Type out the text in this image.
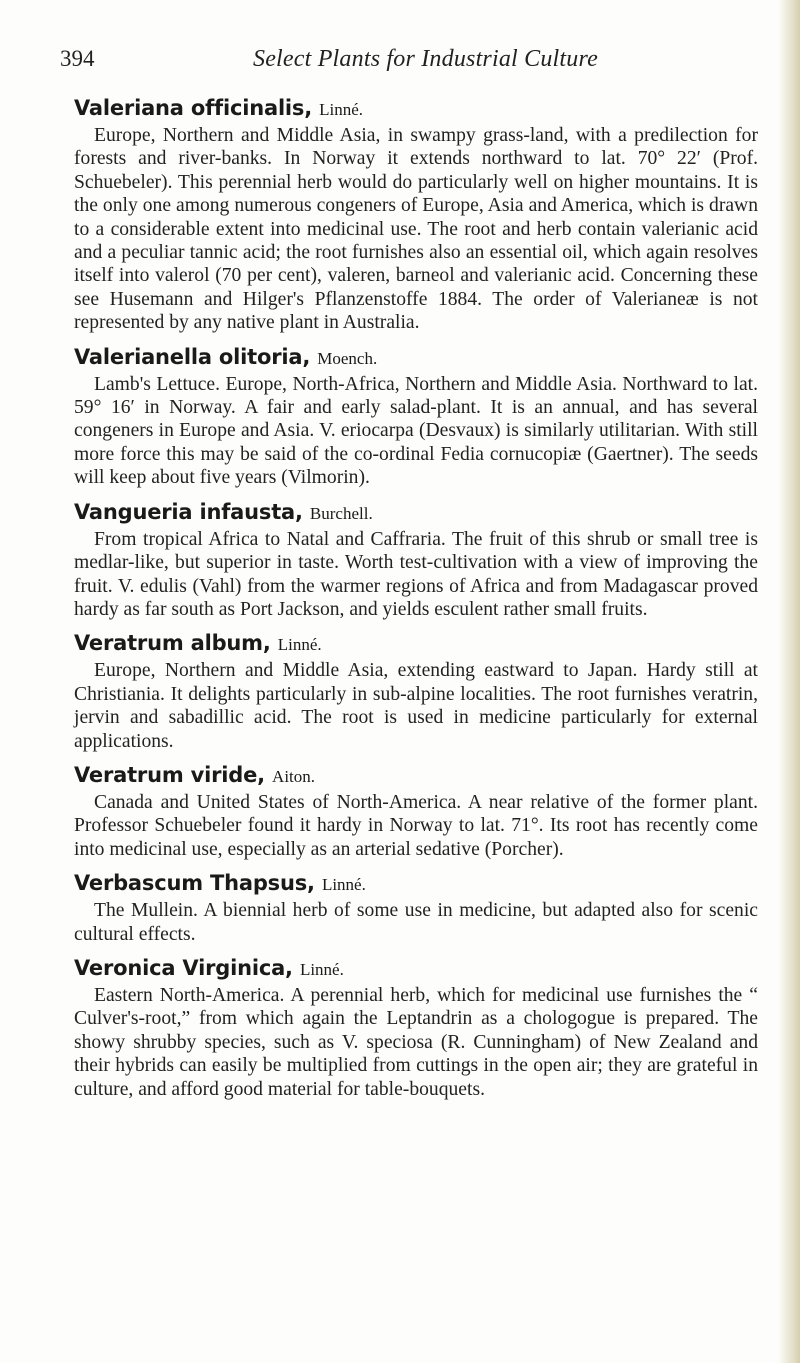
394	Select Plants for Industrial Culture
Valeriana officinalis, Linné.

Europe, Northern and Middle Asia, in swampy grass-land, with a predilection for forests and river-banks. In Norway it extends northward to lat. 70° 22′ (Prof. Schuebeler). This perennial herb would do particularly well on higher mountains. It is the only one among numerous congeners of Europe, Asia and America, which is drawn to a considerable extent into medicinal use. The root and herb contain valerianic acid and a peculiar tannic acid; the root furnishes also an essential oil, which again resolves itself into valerol (70 per cent), valeren, barneol and valerianic acid. Concerning these see Husemann and Hilger's Pflanzenstoffe 1884. The order of Valerianeæ is not represented by any native plant in Australia.

Valerianella olitoria, Moench.

Lamb's Lettuce. Europe, North-Africa, Northern and Middle Asia. Northward to lat. 59° 16′ in Norway. A fair and early salad-plant. It is an annual, and has several congeners in Europe and Asia. V. eriocarpa (Desvaux) is similarly utilitarian. With still more force this may be said of the co-ordinal Fedia cornucopiæ (Gaertner). The seeds will keep about five years (Vilmorin).

Vangueria infausta, Burchell.

From tropical Africa to Natal and Caffraria. The fruit of this shrub or small tree is medlar-like, but superior in taste. Worth test-cultivation with a view of improving the fruit. V. edulis (Vahl) from the warmer regions of Africa and from Madagascar proved hardy as far south as Port Jackson, and yields esculent rather small fruits.

Veratrum album, Linné.

Europe, Northern and Middle Asia, extending eastward to Japan. Hardy still at Christiania. It delights particularly in sub-alpine localities. The root furnishes veratrin, jervin and sabadillic acid. The root is used in medicine particularly for external applications.

Veratrum viride, Aiton.

Canada and United States of North-America. A near relative of the former plant. Professor Schuebeler found it hardy in Norway to lat. 71°. Its root has recently come into medicinal use, especially as an arterial sedative (Porcher).

Verbascum Thapsus, Linné.

The Mullein. A biennial herb of some use in medicine, but adapted also for scenic cultural effects.

Veronica Virginica, Linné.

Eastern North-America. A perennial herb, which for medicinal use furnishes the “ Culver's-root,” from which again the Leptandrin as a chologogue is prepared. The showy shrubby species, such as V. speciosa (R. Cunningham) of New Zealand and their hybrids can easily be multiplied from cuttings in the open air; they are grateful in culture, and afford good material for table-bouquets.
